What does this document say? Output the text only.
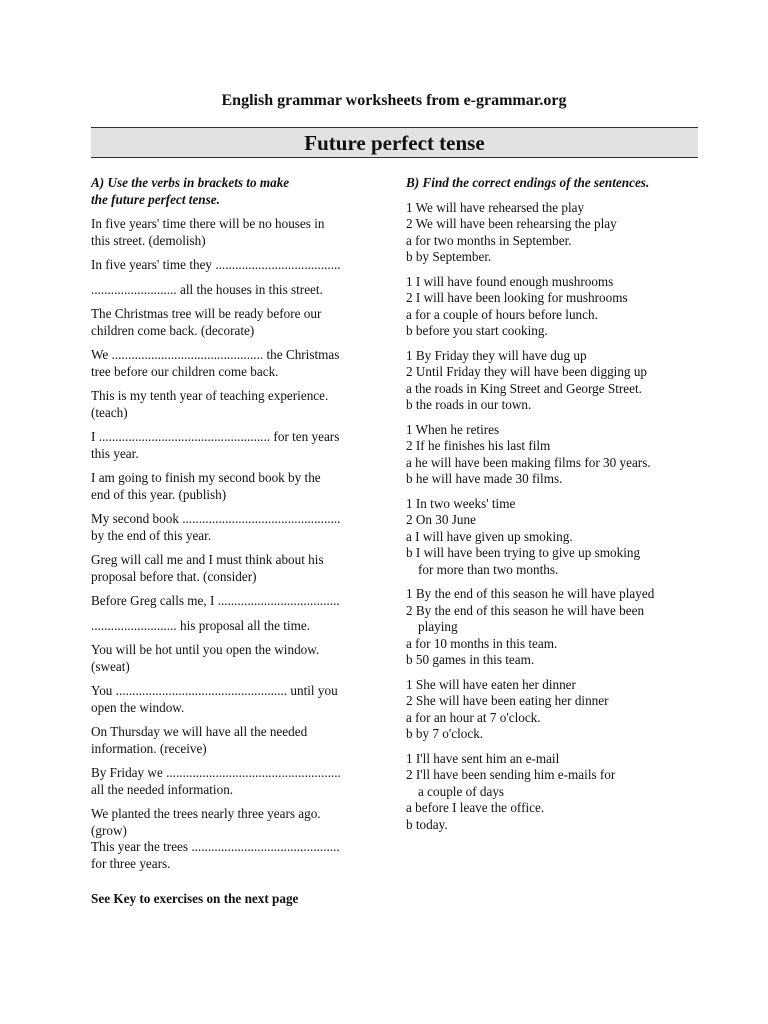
English grammar worksheets from e-grammar.org
Future perfect tense
A) Use the verbs in brackets to make
the future perfect tense.
In five years' time there will be no houses in
this street. (demolish)
In five years' time they ......................................
.......................... all the houses in this street.
The Christmas tree will be ready before our
children come back. (decorate)
We .............................................. the Christmas
tree before our children come back.
This is my tenth year of teaching experience.
(teach)
I .................................................... for ten years
this year.
I am going to finish my second book by the
end of this year. (publish)
My second book ................................................
by the end of this year.
Greg will call me and I must think about his
proposal before that. (consider)
Before Greg calls me, I .....................................
.......................... his proposal all the time.
You will be hot until you open the window.
(sweat)
You .................................................... until you
open the window.
On Thursday we will have all the needed
information. (receive)
By Friday we .....................................................
all the needed information.
We planted the trees nearly three years ago.
(grow)
This year the trees .............................................
for three years.
B) Find the correct endings of the sentences.
1 We will have rehearsed the play
2 We will have been rehearsing the play
a for two months in September.
b by September.
1 I will have found enough mushrooms
2 I will have been looking for mushrooms
a for a couple of hours before lunch.
b before you start cooking.
1 By Friday they will have dug up
2 Until Friday they will have been digging up
a the roads in King Street and George Street.
b the roads in our town.
1 When he retires
2 If he finishes his last film
a he will have been making films for 30 years.
b he will have made 30 films.
1 In two weeks' time
2 On 30 June
a I will have given up smoking.
b I will have been trying to give up smoking
for more than two months.
1 By the end of this season he will have played
2 By the end of this season he will have been
playing
a for 10 months in this team.
b 50 games in this team.
1 She will have eaten her dinner
2 She will have been eating her dinner
a for an hour at 7 o'clock.
b by 7 o'clock.
1 I'll have sent him an e-mail
2 I'll have been sending him e-mails for
a couple of days
a before I leave the office.
b today.
See Key to exercises on the next page
